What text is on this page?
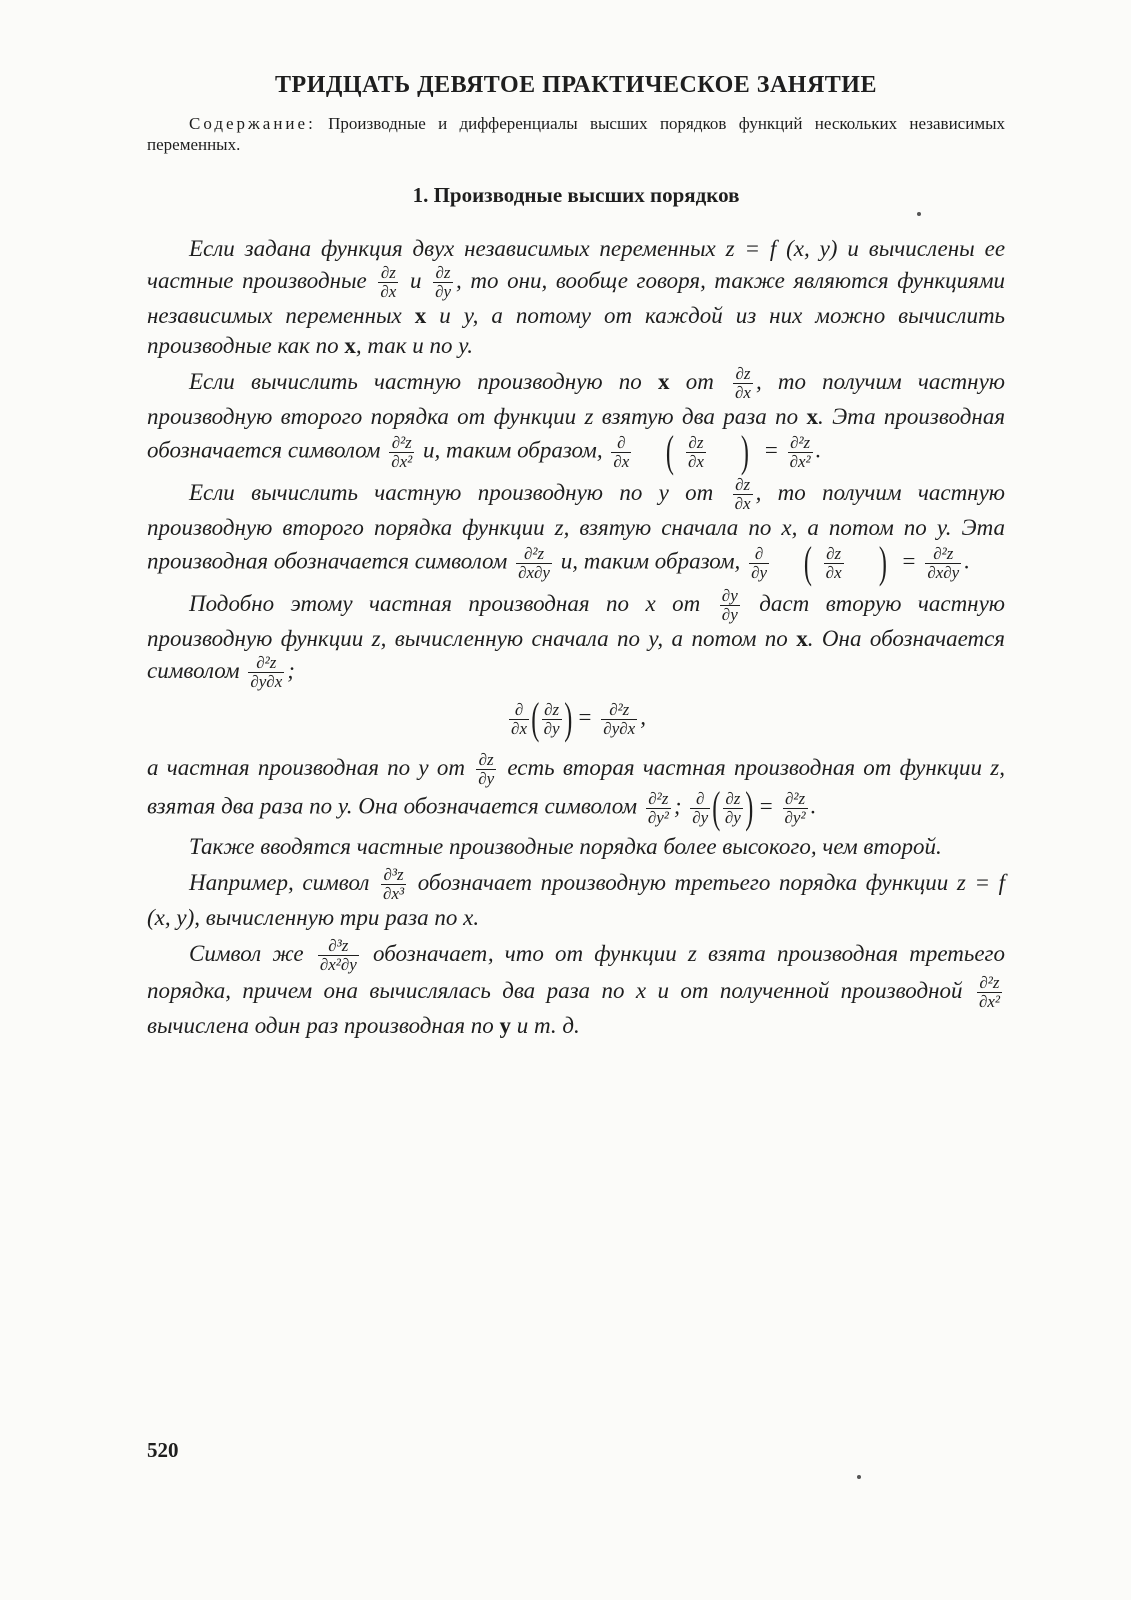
ТРИДЦАТЬ ДЕВЯТОЕ ПРАКТИЧЕСКОЕ ЗАНЯТИЕ

Содержание: Производные и дифференциалы высших порядков функций нескольких независимых переменных.

1. Производные высших порядков

Если задана функция двух независимых переменных z = f (x, y) и вычислены ее частные производные $\frac{\partial z}{\partial x}$ и $\frac{\partial z}{\partial y}$ , то они, вообще говоря, также являются функциями независимых переменных x и y, а потому от каждой из них можно вычислить производные как по x, так и по y.

Если вычислить частную производную по x от $\frac{\partial z}{\partial x}$ , то получим частную производную второго порядка от функции z взятую два раза по x. Эта производная обозначается символом $\frac{\text{∂²z}}{\text{∂x²}} и$, таким образом, $\frac{\partial}{\partial x}$ ( $\frac{\partial z}{\partial x}$ ) = $\frac{\text{∂²z}}{\text{∂x²}}$ .

Если вычислить частную производную по y от $\frac{\partial z}{\partial x}$ , то получим частную производную второго порядка функции z, взятую сначала по x, а потом по y. Эта производная обозначается символом $\frac{\text{∂²z}}{\partial x\partial y} и$, таким образом, $\frac{\partial}{\partial y}$ ( $\frac{\partial z}{\partial x}$ ) = $\frac{\text{∂²z}}{\partial x\partial y}$ .

Подобно этому частная производная по x от $\frac{\partial y}{\partial y}$ даст вторую частную производную функции z, вычисленную сначала по y, а потом по x. Она обозначается символом $\frac{\text{∂²z}}{\partial y\partial x}$ ;

$\frac{\partial}{\partial x}$ ( $\frac{\partial z}{\partial y}$ ) = $\frac{\text{∂²z}}{\partial y\partial x}$ ,

а частная производная по y от $\frac{\partial z}{\partial y}$ есть вторая частная производная от функции z, взятая два раза по y. Она обозначается символом $\frac{\text{∂²z}}{\text{∂y²}}$ ; $\frac{\partial}{\partial y}$ ( $\frac{\partial z}{\partial y}$ ) = $\frac{\text{∂²z}}{\text{∂y²}}$ .

Также вводятся частные производные порядка более высокого, чем второй.

Например, символ $\frac{\text{∂³z}}{\text{∂x³}}$ обозначает производную третьего порядка функции z = f (x, y), вычисленную три раза по x.

Символ же $\frac{\text{∂³z}}{\text{∂x²∂y}}$ обозначает, что от функции z взята производная третьего порядка, причем она вычислялась два раза по x и от полученной производной $\frac{\text{∂²z}}{\text{∂x²}}$
вычислена один раз производная по y и т. д.

520
